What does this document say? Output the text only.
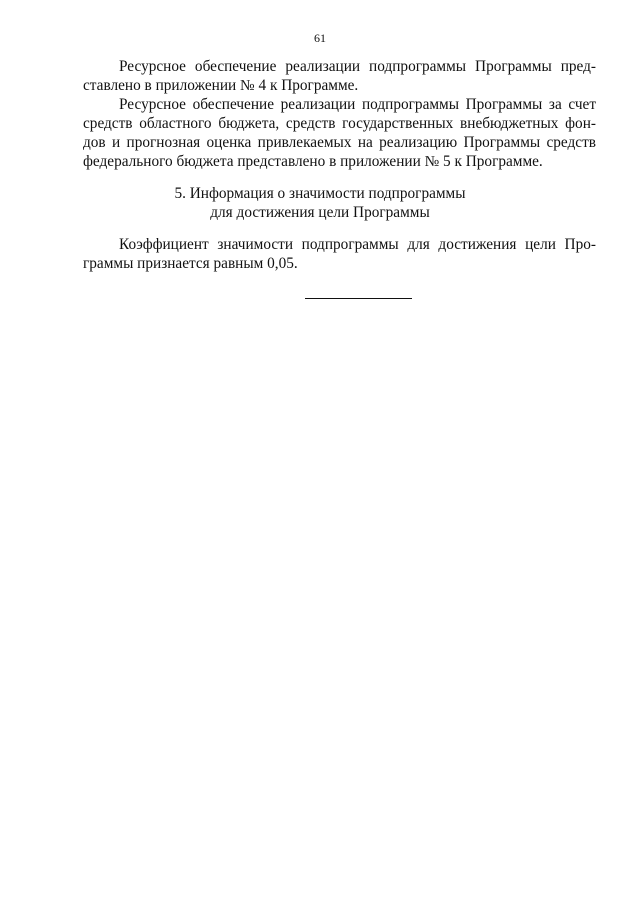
61
Ресурсное обеспечение реализации подпрограммы Программы пред-
ставлено в приложении № 4 к Программе.
Ресурсное обеспечение реализации подпрограммы Программы за счет
средств областного бюджета, средств государственных внебюджетных фон-
дов и прогнозная оценка привлекаемых на реализацию Программы средств
федерального бюджета представлено в приложении № 5 к Программе.
5. Информация о значимости подпрограммы
для достижения цели Программы
Коэффициент значимости подпрограммы для достижения цели Про-
граммы признается равным 0,05.
